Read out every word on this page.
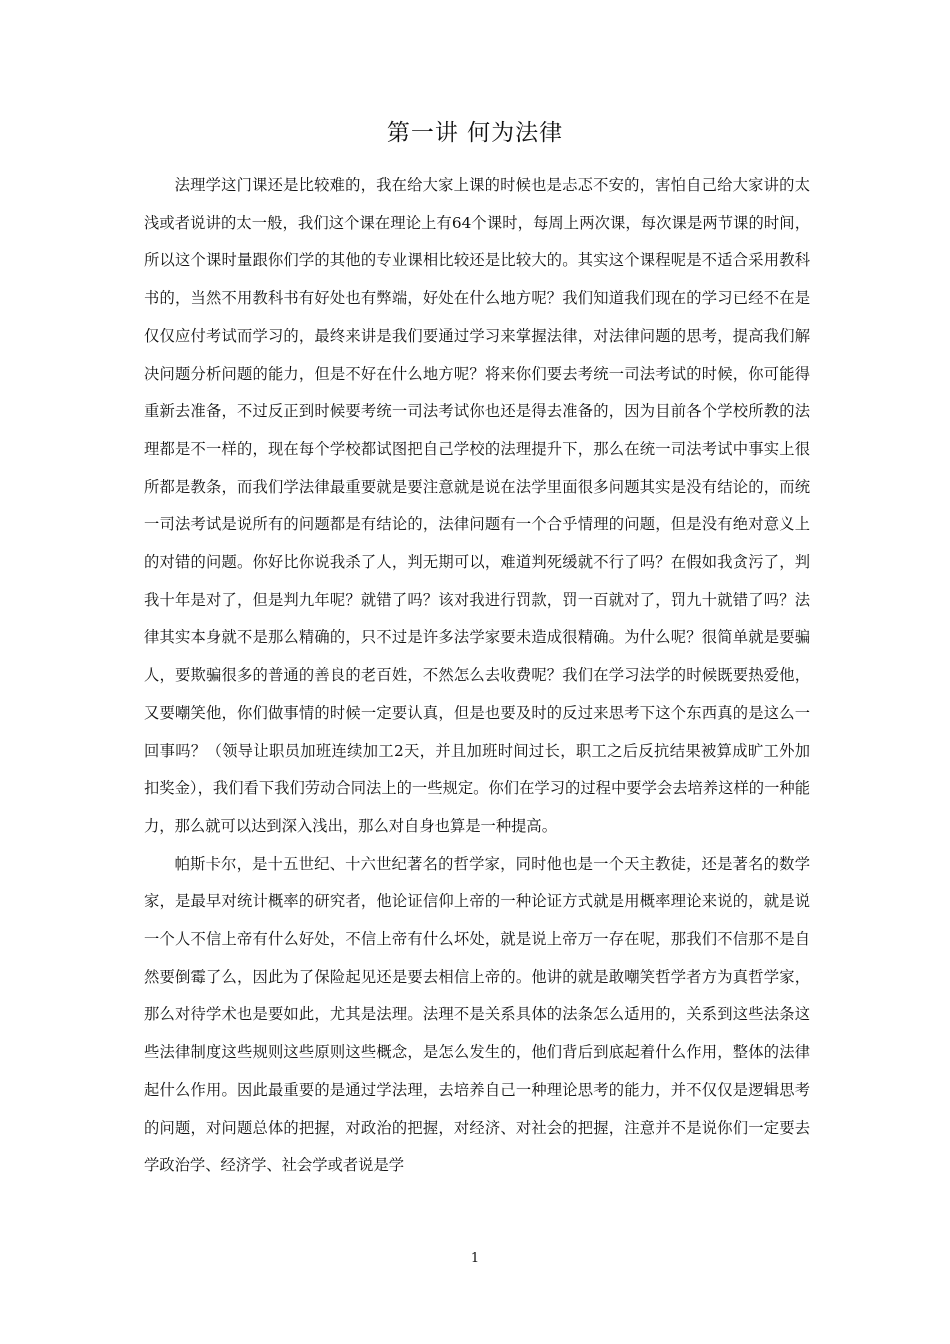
第一讲 何为法律

法理学这门课还是比较难的，我在给大家上课的时候也是忐忑不安的，害怕自己给大家讲的太浅或者说讲的太一般，我们这个课在理论上有64个课时，每周上两次课，每次课是两节课的时间，所以这个课时量跟你们学的其他的专业课相比较还是比较大的。其实这个课程呢是不适合采用教科书的，当然不用教科书有好处也有弊端，好处在什么地方呢？我们知道我们现在的学习已经不在是仅仅应付考试而学习的，最终来讲是我们要通过学习来掌握法律，对法律问题的思考，提高我们解决问题分析问题的能力，但是不好在什么地方呢？将来你们要去考统一司法考试的时候，你可能得重新去准备，不过反正到时候要考统一司法考试你也还是得去准备的，因为目前各个学校所教的法理都是不一样的，现在每个学校都试图把自己学校的法理提升下，那么在统一司法考试中事实上很所都是教条，而我们学法律最重要就是要注意就是说在法学里面很多问题其实是没有结论的，而统一司法考试是说所有的问题都是有结论的，法律问题有一个合乎情理的问题，但是没有绝对意义上的对错的问题。你好比你说我杀了人，判无期可以，难道判死缓就不行了吗？在假如我贪污了，判我十年是对了，但是判九年呢？就错了吗？该对我进行罚款，罚一百就对了，罚九十就错了吗？法律其实本身就不是那么精确的，只不过是许多法学家要未造成很精确。为什么呢？很简单就是要骗人，要欺骗很多的普通的善良的老百姓，不然怎么去收费呢？我们在学习法学的时候既要热爱他，又要嘲笑他，你们做事情的时候一定要认真，但是也要及时的反过来思考下这个东西真的是这么一回事吗？（领导让职员加班连续加工2天，并且加班时间过长，职工之后反抗结果被算成旷工外加扣奖金），我们看下我们劳动合同法上的一些规定。你们在学习的过程中要学会去培养这样的一种能力，那么就可以达到深入浅出，那么对自身也算是一种提高。

帕斯卡尔，是十五世纪、十六世纪著名的哲学家，同时他也是一个天主教徒，还是著名的数学家，是最早对统计概率的研究者，他论证信仰上帝的一种论证方式就是用概率理论来说的，就是说一个人不信上帝有什么好处，不信上帝有什么坏处，就是说上帝万一存在呢，那我们不信那不是自然要倒霉了么，因此为了保险起见还是要去相信上帝的。他讲的就是敢嘲笑哲学者方为真哲学家，那么对待学术也是要如此，尤其是法理。法理不是关系具体的法条怎么适用的，关系到这些法条这些法律制度这些规则这些原则这些概念，是怎么发生的，他们背后到底起着什么作用，整体的法律起什么作用。因此最重要的是通过学法理，去培养自己一种理论思考的能力，并不仅仅是逻辑思考的问题，对问题总体的把握，对政治的把握，对经济、对社会的把握，注意并不是说你们一定要去学政治学、经济学、社会学或者说是学

1
